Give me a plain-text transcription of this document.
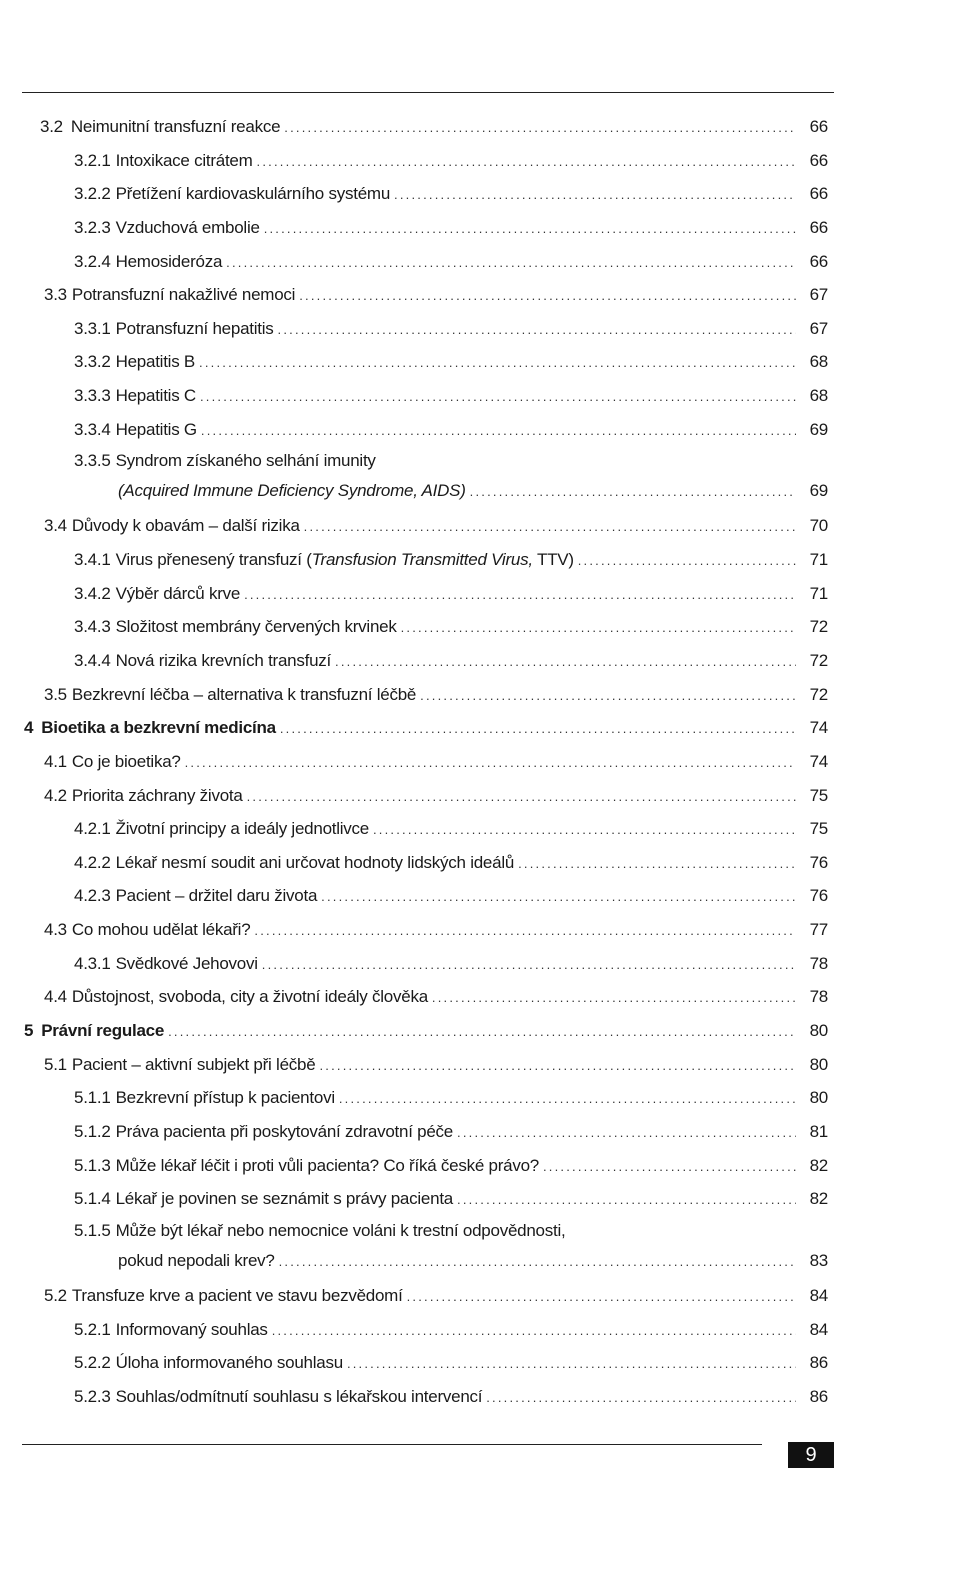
3.2 Neimunitní transfuzní reakce .....	66
3.2.1 Intoxikace citrátem .....	66
3.2.2 Přetížení kardiovaskulárního systému .....	66
3.2.3 Vzduchová embolie .....	66
3.2.4 Hemosideróza .....	66
3.3 Potransfuzní nakažlivé nemoci .....	67
3.3.1 Potransfuzní hepatitis .....	67
3.3.2 Hepatitis B .....	68
3.3.3 Hepatitis C .....	68
3.3.4 Hepatitis G .....	69
3.3.5 Syndrom získaného selhání imunity
(Acquired Immune Deficiency Syndrome, AIDS) .....	69
3.4 Důvody k obavám – další rizika .....	70
3.4.1 Virus přenesený transfuzí (Transfusion Transmitted Virus, TTV) .....	71
3.4.2 Výběr dárců krve .....	71
3.4.3 Složitost membrány červených krvinek .....	72
3.4.4 Nová rizika krevních transfuzí .....	72
3.5 Bezkrevní léčba – alternativa k transfuzní léčbě .....	72
4 Bioetika a bezkrevní medicína .....	74
4.1 Co je bioetika? .....	74
4.2 Priorita záchrany života .....	75
4.2.1 Životní principy a ideály jednotlivce .....	75
4.2.2 Lékař nesmí soudit ani určovat hodnoty lidských ideálů .....	76
4.2.3 Pacient – držitel daru života .....	76
4.3 Co mohou udělat lékaři? .....	77
4.3.1 Svědkové Jehovovi .....	78
4.4 Důstojnost, svoboda, city a životní ideály člověka .....	78
5 Právní regulace .....	80
5.1 Pacient – aktivní subjekt při léčbě .....	80
5.1.1 Bezkrevní přístup k pacientovi .....	80
5.1.2 Práva pacienta při poskytování zdravotní péče .....	81
5.1.3 Může lékař léčit i proti vůli pacienta? Co říká české právo? .....	82
5.1.4 Lékař je povinen se seznámit s právy pacienta .....	82
5.1.5 Může být lékař nebo nemocnice voláni k trestní odpovědnosti,
pokud nepodali krev? .....	83
5.2 Transfuze krve a pacient ve stavu bezvědomí .....	84
5.2.1 Informovaný souhlas .....	84
5.2.2 Úloha informovaného souhlasu .....	86
5.2.3 Souhlas/odmítnutí souhlasu s lékařskou intervencí .....	86
9
